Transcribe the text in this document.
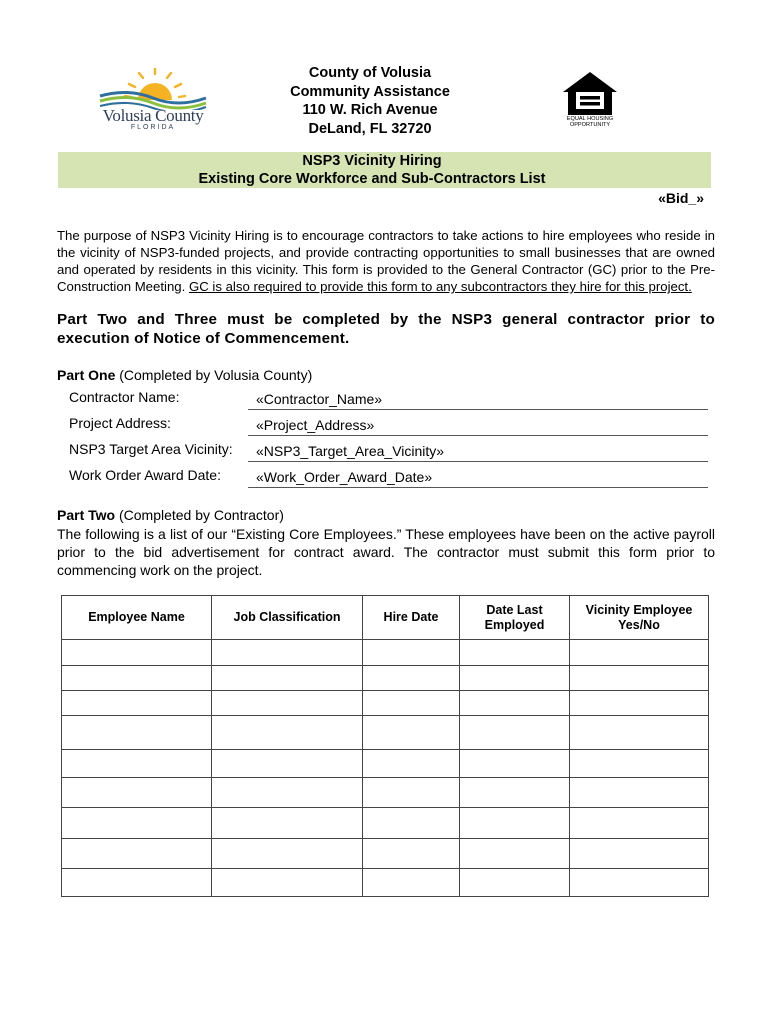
Volusia County
FLORIDA
County of Volusia
Community Assistance
110 W. Rich Avenue
DeLand, FL 32720
EQUAL HOUSING OPPORTUNITY
NSP3 Vicinity Hiring
Existing Core Workforce and Sub-Contractors List
«Bid_»
The purpose of NSP3 Vicinity Hiring is to encourage contractors to take actions to hire employees who reside in the vicinity of NSP3-funded projects, and provide contracting opportunities to small businesses that are owned and operated by residents in this vicinity. This form is provided to the General Contractor (GC) prior to the Pre-Construction Meeting. GC is also required to provide this form to any subcontractors they hire for this project.
Part Two and Three must be completed by the NSP3 general contractor prior to execution of Notice of Commencement.
Part One (Completed by Volusia County)
Contractor Name:	«Contractor_Name»
Project Address:	«Project_Address»
NSP3 Target Area Vicinity:	«NSP3_Target_Area_Vicinity»
Work Order Award Date:	«Work_Order_Award_Date»
Part Two (Completed by Contractor)
The following is a list of our “Existing Core Employees.” These employees have been on the active payroll prior to the bid advertisement for contract award. The contractor must submit this form prior to commencing work on the project.
Employee Name	Job Classification	Hire Date	Date Last Employed	Vicinity Employee Yes/No
